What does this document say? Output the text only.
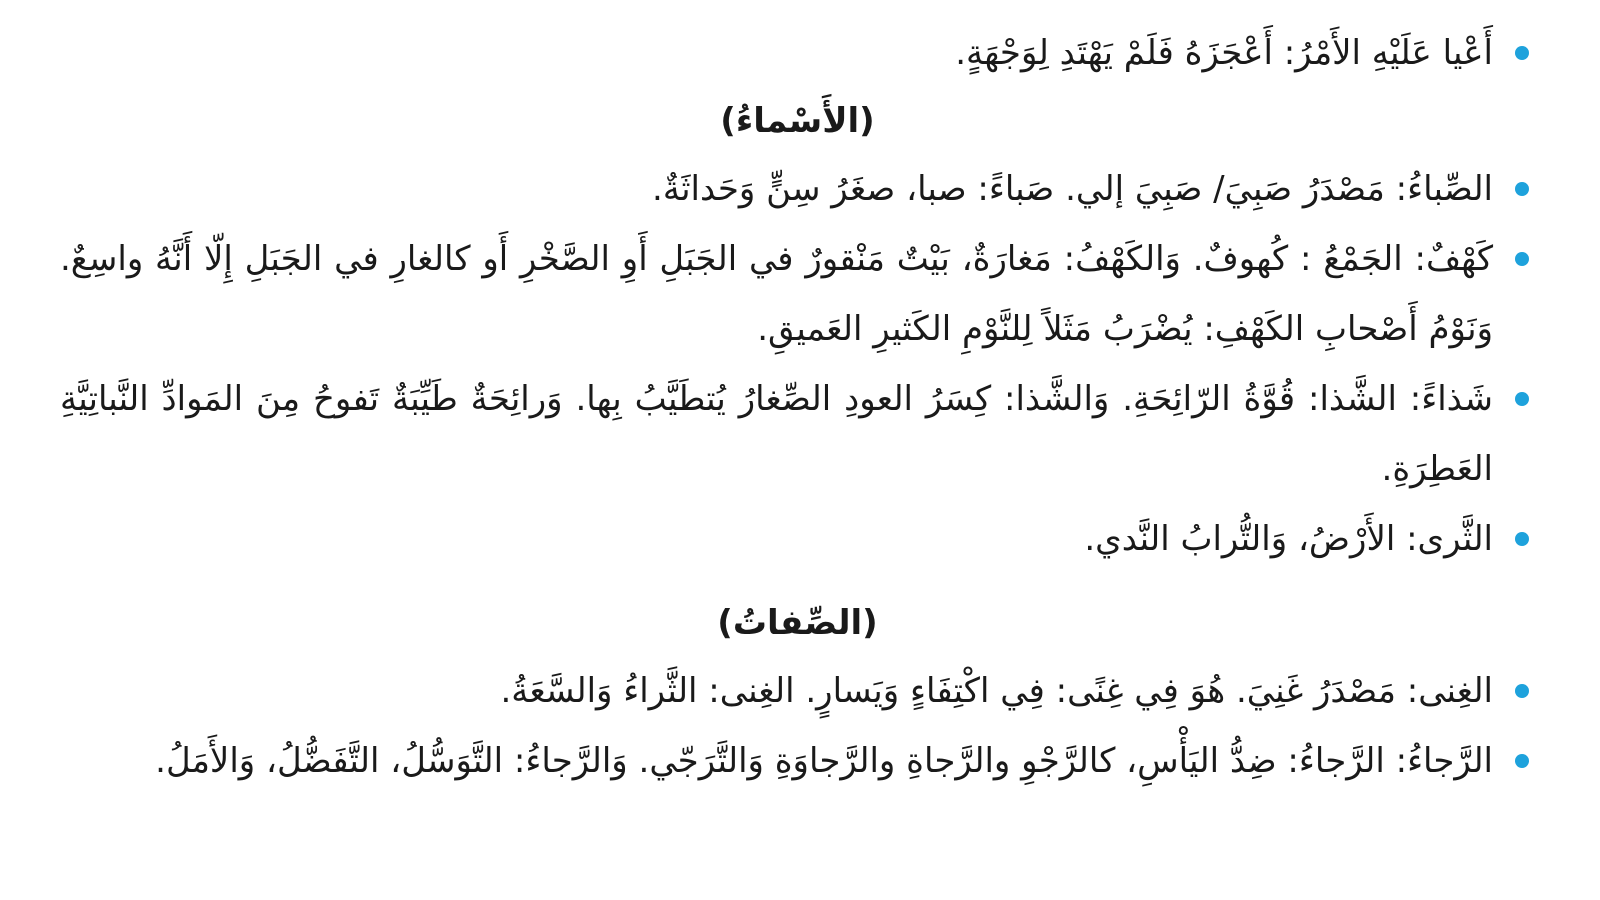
أَعْيا عَلَيْهِ الأَمْرُ: أَعْجَزَهُ فَلَمْ يَهْتَدِ لِوَجْهَةٍ.
(الأَسْماءُ)
الصِّباءُ: مَصْدَرُ صَبِيَ/ صَبِيَ إلي. صَباءً: صبا، صغَرُ سِنٍّ وَحَداثَةٌ.
كَهْفٌ: الجَمْعُ : كُهوفٌ. وَالكَهْفُ: مَغارَةٌ، بَيْتٌ مَنْقورٌ في الجَبَلِ أَوِ الصَّخْرِ أَو كالغارِ في الجَبَلِ إِلّا أَنَّهُ واسِعٌ. وَنَوْمُ أَصْحابِ الكَهْفِ: يُضْرَبُ مَثَلاً لِلنَّوْمِ الكَثيرِ العَميقِ.
شَذاءً: الشَّذا: قُوَّةُ الرّائِحَةِ. وَالشَّذا: كِسَرُ العودِ الصِّغارُ يُتطَيَّبُ بِها. وَرائِحَةٌ طَيِّبَةٌ تَفوحُ مِنَ المَوادِّ النَّباتِيَّةِ العَطِرَةِ.
الثَّرى: الأَرْضُ، وَالتُّرابُ النَّدي.
(الصِّفاتُ)
الغِنى: مَصْدَرُ غَنِيَ. هُوَ فِي غِنًى: فِي اكْتِفَاءٍ وَيَسارٍ. الغِنى: الثَّراءُ وَالسَّعَةُ.
الرَّجاءُ: الرَّجاءُ: ضِدُّ اليَأْسِ، كالرَّجْوِ والرَّجاةِ والرَّجاوَةِ وَالتَّرَجّي. وَالرَّجاءُ: التَّوَسُّلُ، التَّفَضُّلُ، وَالأَمَلُ.
